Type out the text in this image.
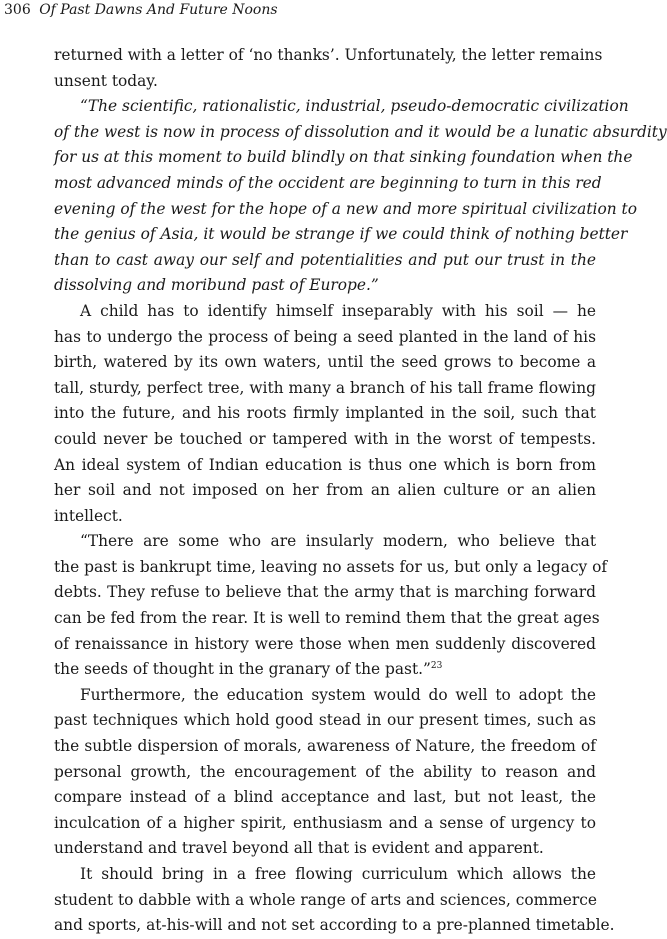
306 Of Past Dawns And Future Noons

returned with a letter of ‘no thanks’. Unfortunately, the letter remains
unsent today.

“The scientific, rationalistic, industrial, pseudo-democratic civilization
of the west is now in process of dissolution and it would be a lunatic absurdity
for us at this moment to build blindly on that sinking foundation when the
most advanced minds of the occident are beginning to turn in this red
evening of the west for the hope of a new and more spiritual civilization to
the genius of Asia, it would be strange if we could think of nothing better
than to cast away our self and potentialities and put our trust in the
dissolving and moribund past of Europe.”

A child has to identify himself inseparably with his soil — he
has to undergo the process of being a seed planted in the land of his
birth, watered by its own waters, until the seed grows to become a
tall, sturdy, perfect tree, with many a branch of his tall frame flowing
into the future, and his roots firmly implanted in the soil, such that
could never be touched or tampered with in the worst of tempests.
An ideal system of Indian education is thus one which is born from
her soil and not imposed on her from an alien culture or an alien
intellect.

“There are some who are insularly modern, who believe that
the past is bankrupt time, leaving no assets for us, but only a legacy of
debts. They refuse to believe that the army that is marching forward
can be fed from the rear. It is well to remind them that the great ages
of renaissance in history were those when men suddenly discovered
the seeds of thought in the granary of the past.”$^{23}$

Furthermore, the education system would do well to adopt the
past techniques which hold good stead in our present times, such as
the subtle dispersion of morals, awareness of Nature, the freedom of
personal growth, the encouragement of the ability to reason and
compare instead of a blind acceptance and last, but not least, the
inculcation of a higher spirit, enthusiasm and a sense of urgency to
understand and travel beyond all that is evident and apparent.

It should bring in a free flowing curriculum which allows the
student to dabble with a whole range of arts and sciences, commerce
and sports, at-his-will and not set according to a pre-planned timetable.
